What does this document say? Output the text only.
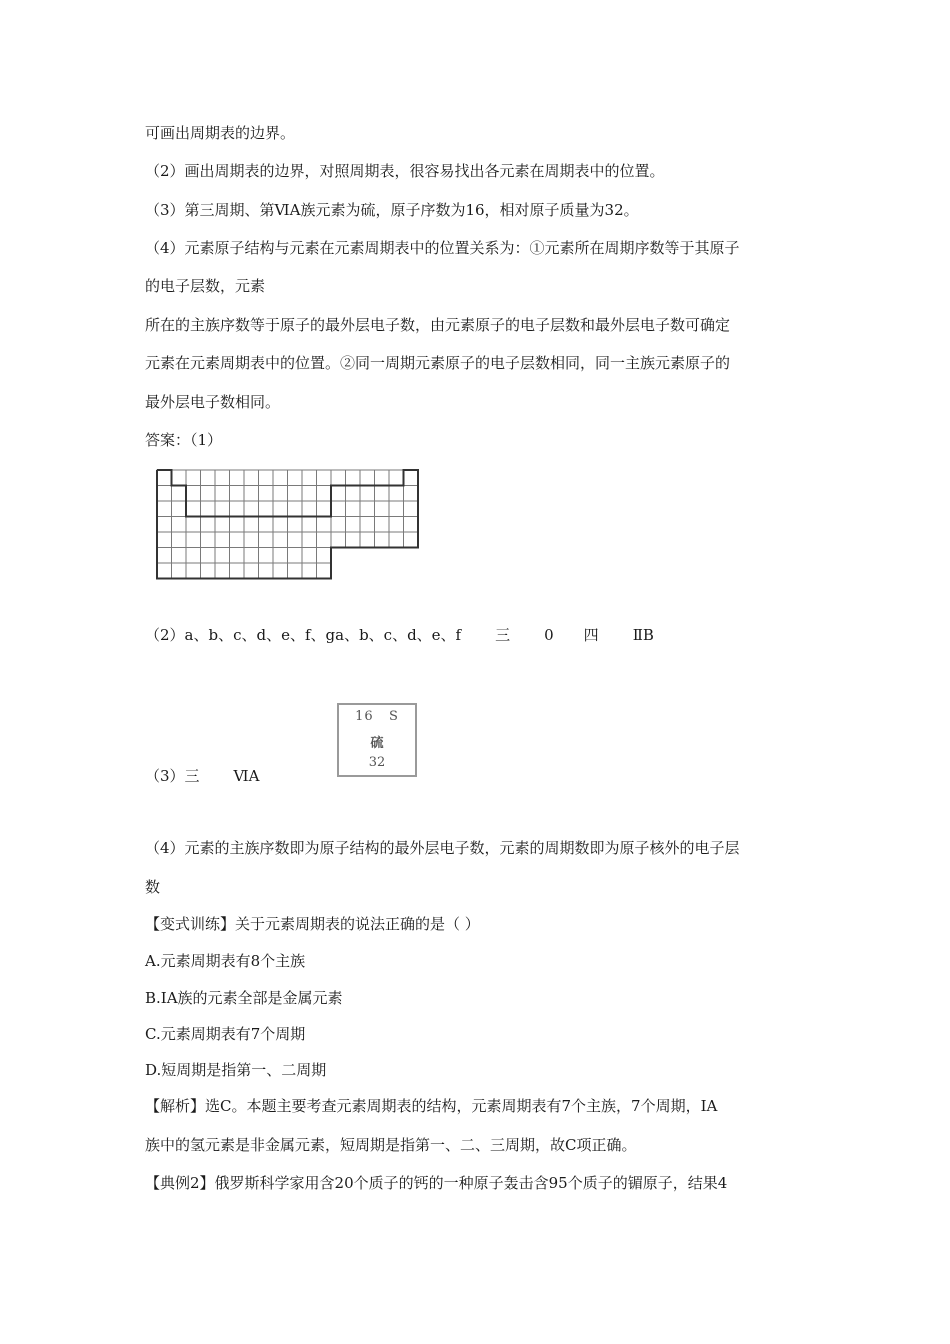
可画出周期表的边界。
（2）画出周期表的边界，对照周期表，很容易找出各元素在周期表中的位置。
（3）第三周期、第ⅥA族元素为硫，原子序数为16，相对原子质量为32。
（4）元素原子结构与元素在元素周期表中的位置关系为：①元素所在周期序数等于其原子
的电子层数，元素
所在的主族序数等于原子的最外层电子数，由元素原子的电子层数和最外层电子数可确定
元素在元素周期表中的位置。②同一周期元素原子的电子层数相同，同一主族元素原子的
最外层电子数相同。
答案：（1）
（2）a、b、c、d、e、f、ga、b、c、d、e、f 三 0 四 ⅡB
16 S
硫
32
（3）三 ⅥA
（4）元素的主族序数即为原子结构的最外层电子数，元素的周期数即为原子核外的电子层
数
【变式训练】关于元素周期表的说法正确的是（ ）
A.元素周期表有8个主族
B.ⅠA族的元素全部是金属元素
C.元素周期表有7个周期
D.短周期是指第一、二周期
【解析】选C。本题主要考查元素周期表的结构，元素周期表有7个主族，7个周期，ⅠA
族中的氢元素是非金属元素，短周期是指第一、二、三周期，故C项正确。
【典例2】俄罗斯科学家用含20个质子的钙的一种原子轰击含95个质子的镅原子，结果4
